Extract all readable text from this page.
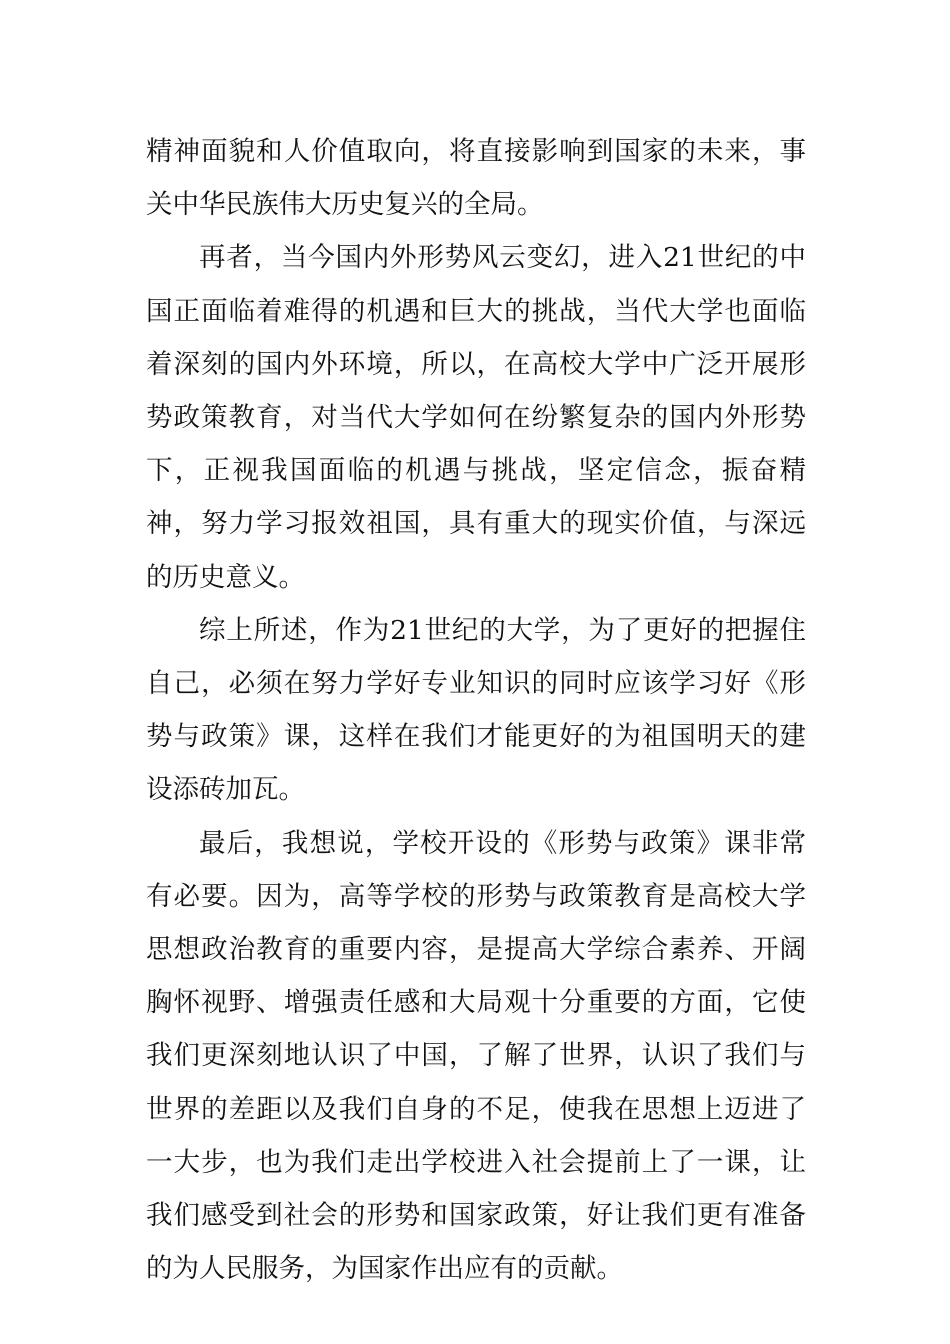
精神面貌和人价值取向，将直接影响到国家的未来，事关中华民族伟大历史复兴的全局。

再者，当今国内外形势风云变幻，进入21世纪的中国正面临着难得的机遇和巨大的挑战，当代大学也面临着深刻的国内外环境，所以，在高校大学中广泛开展形势政策教育，对当代大学如何在纷繁复杂的国内外形势下，正视我国面临的机遇与挑战，坚定信念，振奋精神，努力学习报效祖国，具有重大的现实价值，与深远的历史意义。

综上所述，作为21世纪的大学，为了更好的把握住自己，必须在努力学好专业知识的同时应该学习好《形势与政策》课，这样在我们才能更好的为祖国明天的建设添砖加瓦。

最后，我想说，学校开设的《形势与政策》课非常有必要。因为，高等学校的形势与政策教育是高校大学思想政治教育的重要内容，是提高大学综合素养、开阔胸怀视野、增强责任感和大局观十分重要的方面，它使我们更深刻地认识了中国，了解了世界，认识了我们与世界的差距以及我们自身的不足，使我在思想上迈进了一大步，也为我们走出学校进入社会提前上了一课，让我们感受到社会的形势和国家政策，好让我们更有准备的为人民服务，为国家作出应有的贡献。
